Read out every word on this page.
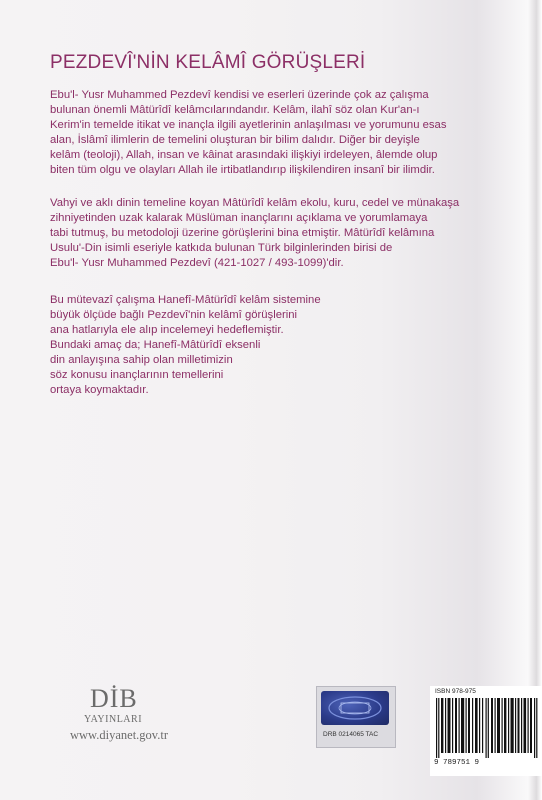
PEZDEVÎ'NİN KELÂMÎ GÖRÜŞLERİ

Ebu'l- Yusr Muhammed Pezdevî kendisi ve eserleri üzerinde çok az çalışma
bulunan önemli Mâtürîdî kelâmcılarındandır. Kelâm, ilahî söz olan Kur'an-ı
Kerim'in temelde itikat ve inançla ilgili ayetlerinin anlaşılması ve yorumunu esas
alan, İslâmî ilimlerin de temelini oluşturan bir bilim dalıdır. Diğer bir deyişle
kelâm (teoloji), Allah, insan ve kâinat arasındaki ilişkiyi irdeleyen, âlemde olup
biten tüm olgu ve olayları Allah ile irtibatlandırıp ilişkilendiren insanî bir ilimdir.

Vahyi ve aklı dinin temeline koyan Mâtürîdî kelâm ekolu, kuru, cedel ve münakaşa
zihniyetinden uzak kalarak Müslüman inançlarını açıklama ve yorumlamaya
tabi tutmuş, bu metodoloji üzerine görüşlerini bina etmiştir. Mâtürîdî kelâmına
Usulu'-Din isimli eseriyle katkıda bulunan Türk bilginlerinden birisi de
Ebu'l- Yusr Muhammed Pezdevî (421-1027 / 493-1099)'dir.

Bu mütevazî çalışma Hanefî-Mâtürîdî kelâm sistemine
büyük ölçüde bağlı Pezdevî'nin kelâmî görüşlerini
ana hatlarıyla ele alıp incelemeyi hedeflemiştir.
Bundaki amaç da; Hanefî-Mâtürîdî eksenli
din anlayışına sahip olan milletimizin
söz konusu inançlarının temellerini
ortaya koymaktadır.

DİB
YAYINLARI
www.diyanet.gov.tr	DRB 0214065 TAC
ISBN 978-975
9 789751 9
